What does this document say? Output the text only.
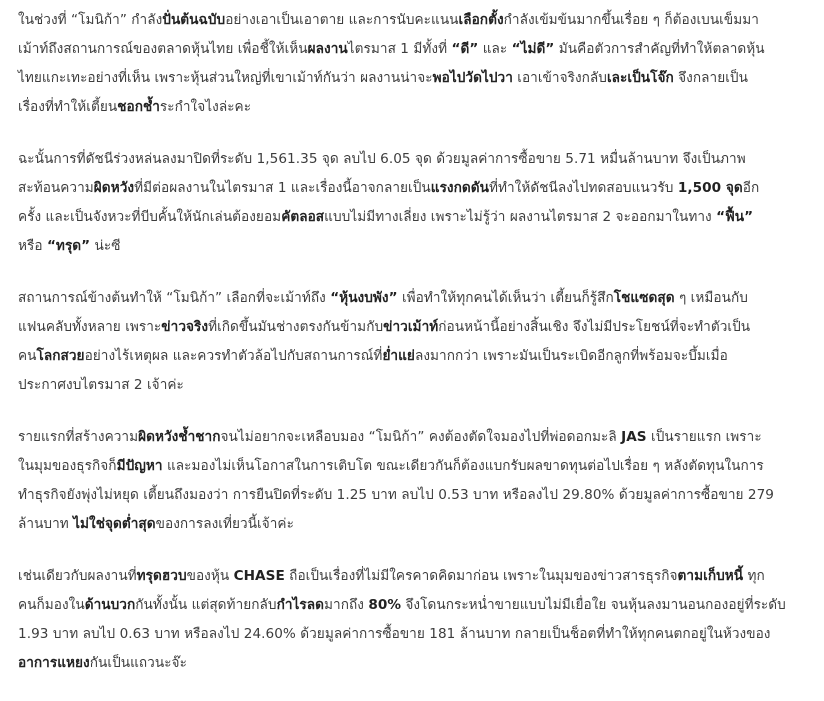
ในช่วงที่ “โมนิก้า” กำลังปั่นต้นฉบับอย่างเอาเป็นเอาตาย และการนับคะแนนเลือกตั้งกำลังเข้มข้นมากขึ้นเรื่อย ๆ ก็ต้องเบนเข็มมา
เม้าท์ถึงสถานการณ์ของตลาดหุ้นไทย เพื่อชี้ให้เห็นผลงานไตรมาส 1 มีทั้งที่ “ดี” และ “ไม่ดี” มันคือตัวการสำคัญที่ทำให้ตลาดหุ้น
ไทยแกะเทะอย่างที่เห็น เพราะหุ้นส่วนใหญ่ที่เขาเม้าท์กันว่า ผลงานน่าจะพอไปวัดไปวา เอาเข้าจริงกลับเละเป็นโจ๊ก จึงกลายเป็น
เรื่องที่ทำให้เตี้ยนชอกช้ำระกำใจไงล่ะคะ

ฉะนั้นการที่ดัชนีร่วงหล่นลงมาปิดที่ระดับ 1,561.35 จุด ลบไป 6.05 จุด ด้วยมูลค่าการซื้อขาย 5.71 หมื่นล้านบาท จึงเป็นภาพ
สะท้อนความผิดหวังที่มีต่อผลงานในไตรมาส 1 และเรื่องนี้อาจกลายเป็นแรงกดดันที่ทำให้ดัชนีลงไปทดสอบแนวรับ 1,500 จุดอีก
ครั้ง และเป็นจังหวะที่บีบคั้นให้นักเล่นต้องยอมคัตลอสแบบไม่มีทางเลี่ยง เพราะไม่รู้ว่า ผลงานไตรมาส 2 จะออกมาในทาง “ฟื้น”
หรือ “ทรุด” น่ะซี

สถานการณ์ข้างต้นทำให้ “โมนิก้า” เลือกที่จะเม้าท์ถึง “หุ้นงบพัง” เพื่อทำให้ทุกคนได้เห็นว่า เตี้ยนก็รู้สึกโชแซดสุด ๆ เหมือนกับ
แฟนคลับทั้งหลาย เพราะข่าวจริงที่เกิดขึ้นมันช่างตรงกันข้ามกับข่าวเม้าท์ก่อนหน้านี้อย่างสิ้นเชิง จึงไม่มีประโยชน์ที่จะทำตัวเป็น
คนโลกสวยอย่างไร้เหตุผล และควรทำตัวล้อไปกับสถานการณ์ที่ย่ำแย่ลงมากกว่า เพราะมันเป็นระเบิดอีกลูกที่พร้อมจะบึ้มเมื่อ
ประกาศงบไตรมาส 2 เจ้าค่ะ

รายแรกที่สร้างความผิดหวังช้ำชากจนไม่อยากจะเหลือบมอง “โมนิก้า” คงต้องตัดใจมองไปที่พ่อดอกมะลิ JAS เป็นรายแรก เพราะ
ในมุมของธุรกิจก็มีปัญหา และมองไม่เห็นโอกาสในการเติบโต ขณะเดียวกันก็ต้องแบกรับผลขาดทุนต่อไปเรื่อย ๆ หลังตัดทุนในการ
ทำธุรกิจยังพุ่งไม่หยุด เตี้ยนถึงมองว่า การยืนปิดที่ระดับ 1.25 บาท ลบไป 0.53 บาท หรือลงไป 29.80% ด้วยมูลค่าการซื้อขาย 279
ล้านบาท ไม่ใช่จุดต่ำสุดของการลงเที่ยวนี้เจ้าค่ะ

เช่นเดียวกับผลงานที่ทรุดฮวบของหุ้น CHASE ถือเป็นเรื่องที่ไม่มีใครคาดคิดมาก่อน เพราะในมุมของข่าวสารธุรกิจตามเก็บหนี้ ทุก
คนก็มองในด้านบวกกันทั้งนั้น แต่สุดท้ายกลับกำไรลดมากถึง 80% จึงโดนกระหน่ำขายแบบไม่มีเยื่อใย จนหุ้นลงมานอนกองอยู่ที่ระดับ
1.93 บาท ลบไป 0.63 บาท หรือลงไป 24.60% ด้วยมูลค่าการซื้อขาย 181 ล้านบาท กลายเป็นช็อตที่ทำให้ทุกคนตกอยู่ในห้วงของ
อาการแหยงกันเป็นแถวนะจ๊ะ
